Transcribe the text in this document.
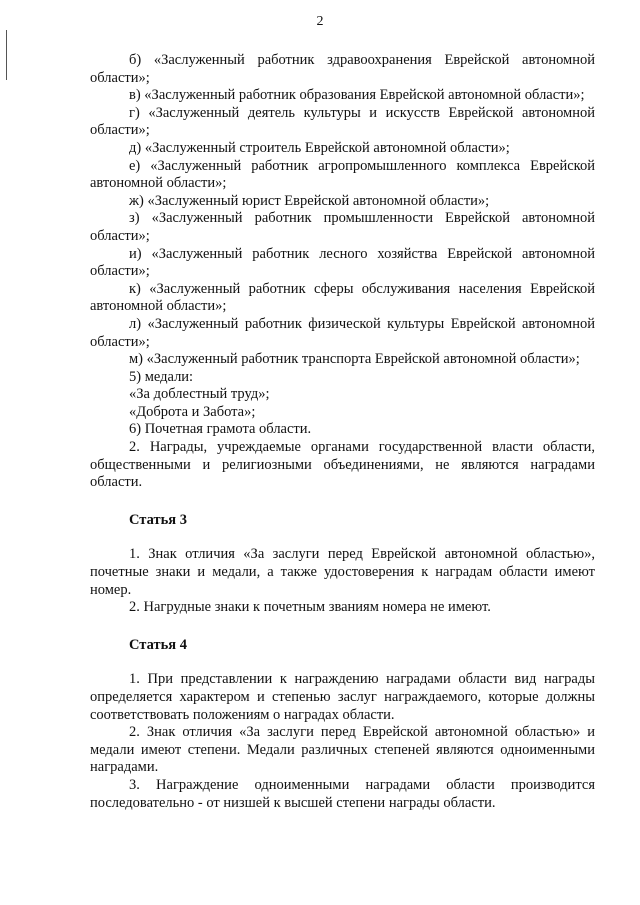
2

б) «Заслуженный работник здравоохранения Еврейской автономной области»;

в) «Заслуженный работник образования Еврейской автономной области»;

г) «Заслуженный деятель культуры и искусств Еврейской автономной области»;

д) «Заслуженный строитель Еврейской автономной области»;

е) «Заслуженный работник агропромышленного комплекса Еврейской автономной области»;

ж) «Заслуженный юрист Еврейской автономной области»;

з) «Заслуженный работник промышленности Еврейской автономной области»;

и) «Заслуженный работник лесного хозяйства Еврейской автономной области»;

к) «Заслуженный работник сферы обслуживания населения Еврейской автономной области»;

л) «Заслуженный работник физической культуры Еврейской автономной области»;

м) «Заслуженный работник транспорта Еврейской автономной области»;

5) медали:

«За доблестный труд»;

«Доброта и Забота»;

6) Почетная грамота области.

2. Награды, учреждаемые органами государственной власти области, общественными и религиозными объединениями, не являются наградами области.

Статья 3

1. Знак отличия «За заслуги перед Еврейской автономной областью», почетные знаки и медали, а также удостоверения к наградам области имеют номер.

2. Нагрудные знаки к почетным званиям номера не имеют.

Статья 4

1. При представлении к награждению наградами области вид награды определяется характером и степенью заслуг награждаемого, которые должны соответствовать положениям о наградах области.

2. Знак отличия «За заслуги перед Еврейской автономной областью» и медали имеют степени. Медали различных степеней являются одноименными наградами.

3. Награждение одноименными наградами области производится последовательно - от низшей к высшей степени награды области.
